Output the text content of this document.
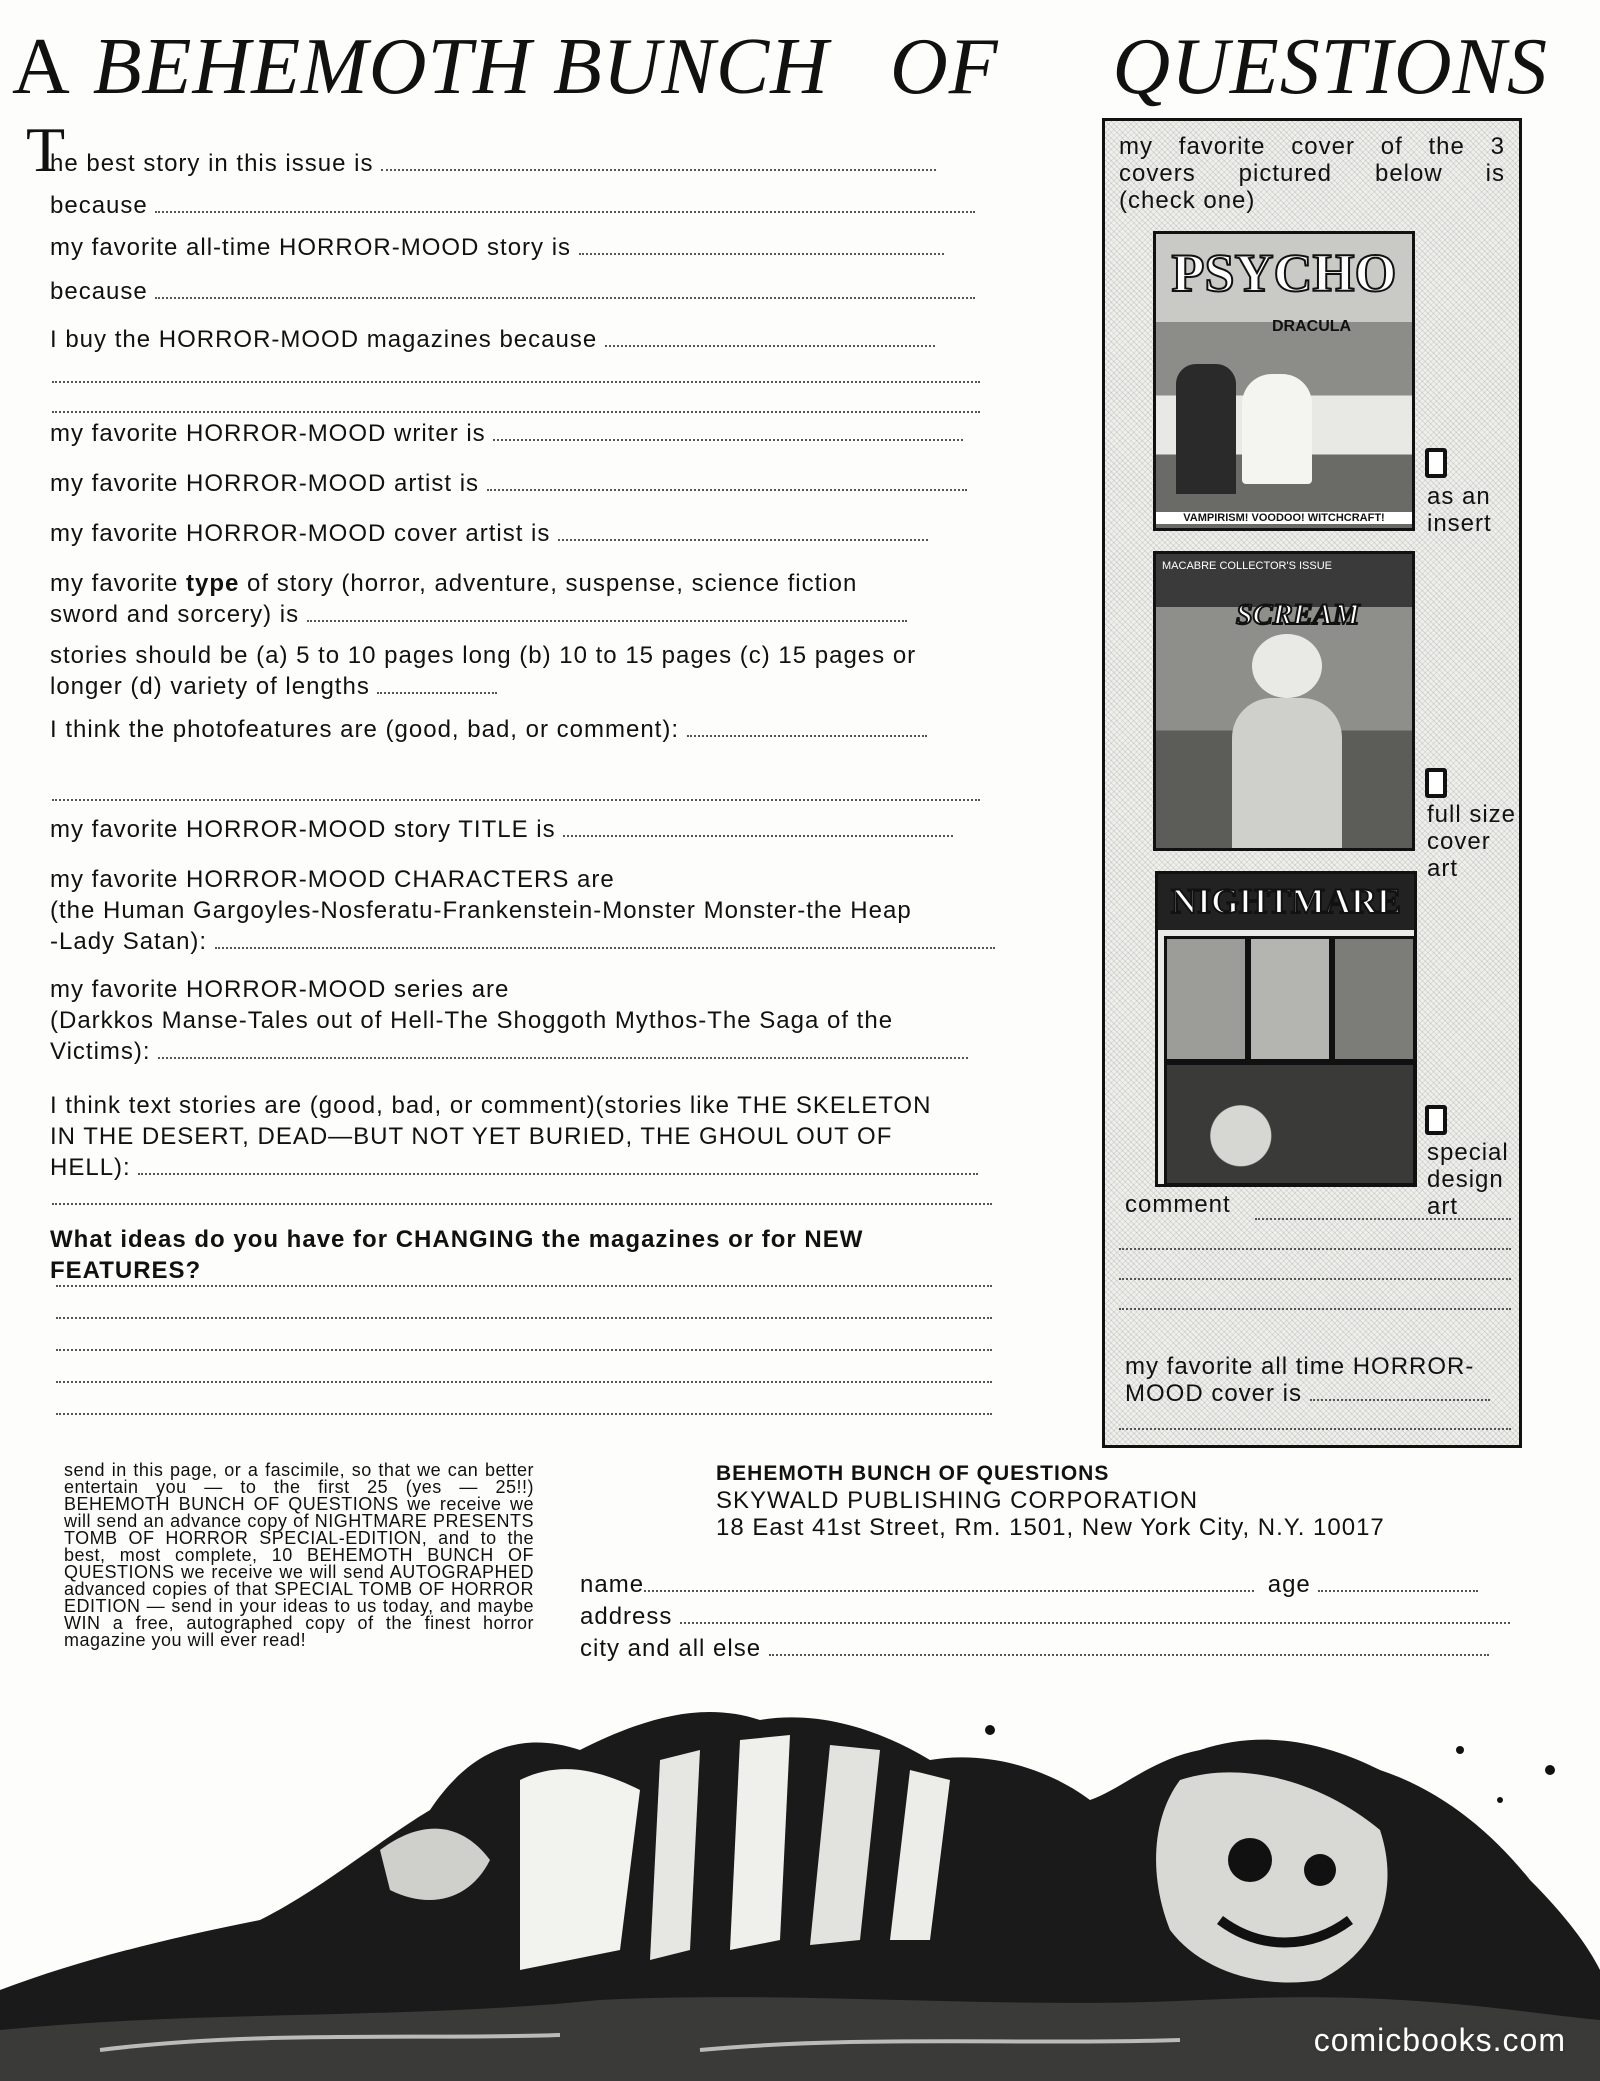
A BEHEMOTH BUNCH OF QUESTIONS
T
he best story in this issue is
because
my favorite all-time HORROR-MOOD story is
because
I buy the HORROR-MOOD magazines because
my favorite HORROR-MOOD writer is
my favorite HORROR-MOOD artist is
my favorite HORROR-MOOD cover artist is
my favorite type of story (horror, adventure, suspense, science fiction
sword and sorcery) is
stories should be (a) 5 to 10 pages long (b) 10 to 15 pages (c) 15 pages or
longer (d) variety of lengths
I think the photofeatures are (good, bad, or comment):
my favorite HORROR-MOOD story TITLE is
my favorite HORROR-MOOD CHARACTERS are
(the Human Gargoyles-Nosferatu-Frankenstein-Monster Monster-the Heap
-Lady Satan):
my favorite HORROR-MOOD series are
(Darkkos Manse-Tales out of Hell-The Shoggoth Mythos-The Saga of the
Victims):
I think text stories are (good, bad, or comment)(stories like THE SKELETON
IN THE DESERT, DEAD—BUT NOT YET BURIED, THE GHOUL OUT OF
HELL):
What ideas do you have for CHANGING the magazines or for NEW FEATURES?
my favorite cover of the 3
covers pictured below is
(check one)
PSYCHO
DRACULA
VAMPIRISM! VOODOO! WITCHCRAFT!
as an
insert
MACABRE COLLECTOR'S ISSUE
SCREAM
full size
cover
art
NIGHTMARE
special
design
art
comment
my favorite all time HORROR-
MOOD cover is
send in this page, or a fascimile, so that we can better entertain you — to the first 25 (yes — 25!!) BEHEMOTH BUNCH OF QUESTIONS we receive we will send an advance copy of NIGHTMARE PRESENTS TOMB OF HORROR SPECIAL-EDITION, and to the best, most complete, 10 BEHEMOTH BUNCH OF QUESTIONS we receive we will send AUTOGRAPHED advanced copies of that SPECIAL TOMB OF HORROR EDITION — send in your ideas to us today, and maybe WIN a free, autographed copy of the finest horror magazine you will ever read!
BEHEMOTH BUNCH OF QUESTIONS
SKYWALD PUBLISHING CORPORATION
18 East 41st Street, Rm. 1501, New York City, N.Y. 10017
name	age
address
city and all else
comicbooks.com
